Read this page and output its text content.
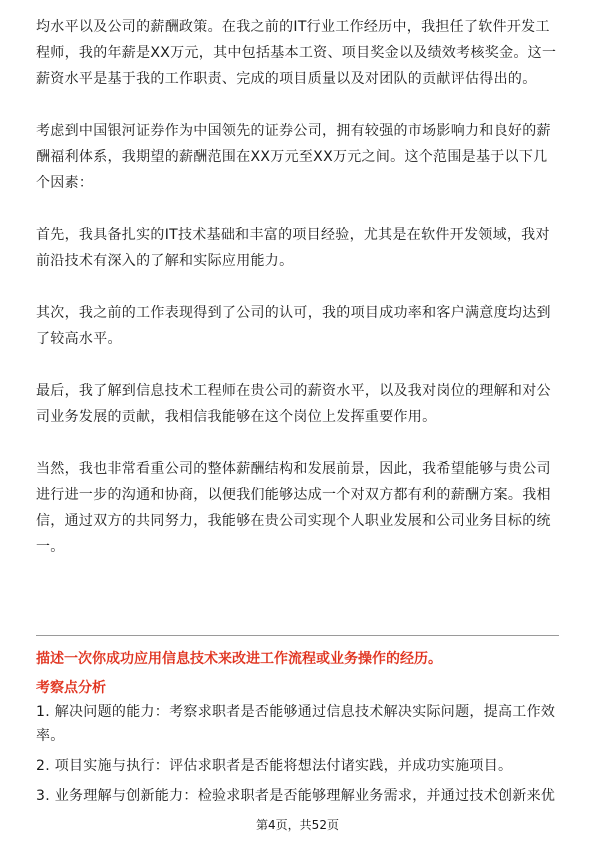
均水平以及公司的薪酬政策。在我之前的IT行业工作经历中，我担任了软件开发工程师，我的年薪是XX万元，其中包括基本工资、项目奖金以及绩效考核奖金。这一薪资水平是基于我的工作职责、完成的项目质量以及对团队的贡献评估得出的。

考虑到中国银河证券作为中国领先的证券公司，拥有较强的市场影响力和良好的薪酬福利体系，我期望的薪酬范围在XX万元至XX万元之间。这个范围是基于以下几个因素：

首先，我具备扎实的IT技术基础和丰富的项目经验，尤其是在软件开发领域，我对前沿技术有深入的了解和实际应用能力。

其次，我之前的工作表现得到了公司的认可，我的项目成功率和客户满意度均达到了较高水平。

最后，我了解到信息技术工程师在贵公司的薪资水平，以及我对岗位的理解和对公司业务发展的贡献，我相信我能够在这个岗位上发挥重要作用。

当然，我也非常看重公司的整体薪酬结构和发展前景，因此，我希望能够与贵公司进行进一步的沟通和协商，以便我们能够达成一个对双方都有利的薪酬方案。我相信，通过双方的共同努力，我能够在贵公司实现个人职业发展和公司业务目标的统一。

描述一次你成功应用信息技术来改进工作流程或业务操作的经历。
考察点分析
1. 解决问题的能力：考察求职者是否能够通过信息技术解决实际问题，提高工作效率。
2. 项目实施与执行：评估求职者是否能将想法付诸实践，并成功实施项目。
3. 业务理解与创新能力：检验求职者是否能够理解业务需求，并通过技术创新来优
第4页，共52页
